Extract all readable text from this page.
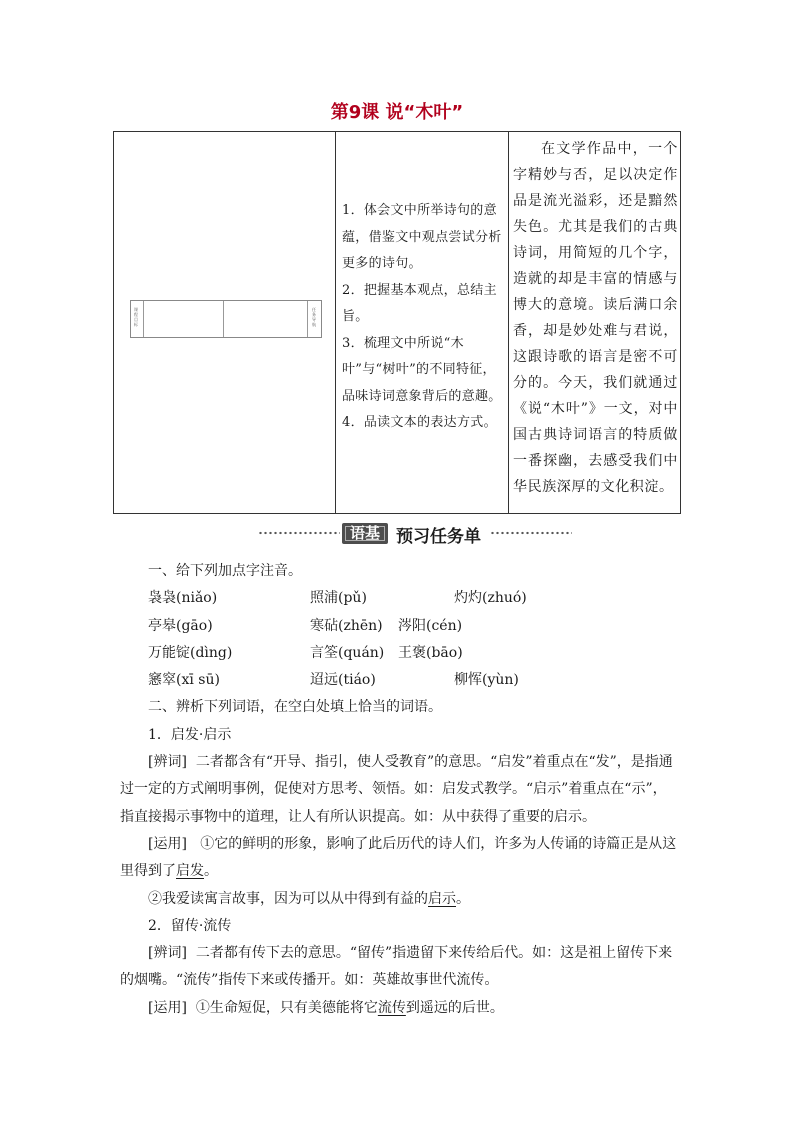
第9课 说“木叶”
课程目标
任务导航
1．体会文中所举诗句的意蕴，借鉴文中观点尝试分析更多的诗句。
2．把握基本观点，总结主旨。
3．梳理文中所说“木叶”与“树叶”的不同特征，品味诗词意象背后的意趣。
4．品读文本的表达方式。
在文学作品中，一个字精妙与否，足以决定作品是流光溢彩，还是黯然失色。尤其是我们的古典诗词，用简短的几个字，造就的却是丰富的情感与博大的意境。读后满口余香，却是妙处难与君说，这跟诗歌的语言是密不可分的。今天，我们就通过《说“木叶”》一文，对中国古典诗词语言的特质做一番探幽，去感受我们中华民族深厚的文化积淀。
语基 预习任务单

一、给下列加点字注音。

袅袅(niǎo)	照浦(pǔ)	灼灼(zhuó)
亭皋(gāo)	寒砧(zhēn) 涔阳(cén)
万能锭(dìng)	言筌(quán) 王褒(bāo)
窸窣(xī sū)	迢远(tiáo)	柳恽(yùn)

二、辨析下列词语，在空白处填上恰当的词语。

1．启发·启示

[辨词] 二者都含有“开导、指引，使人受教育”的意思。“启发”着重点在“发”，是指通过一定的方式阐明事例，促使对方思考、领悟。如：启发式教学。“启示”着重点在“示”，指直接揭示事物中的道理，让人有所认识提高。如：从中获得了重要的启示。

[运用] ①它的鲜明的形象，影响了此后历代的诗人们，许多为人传诵的诗篇正是从这里得到了启发。

②我爱读寓言故事，因为可以从中得到有益的启示。

2．留传·流传

[辨词] 二者都有传下去的意思。“留传”指遗留下来传给后代。如：这是祖上留传下来的烟嘴。“流传”指传下来或传播开。如：英雄故事世代流传。

[运用] ①生命短促，只有美德能将它流传到遥远的后世。
